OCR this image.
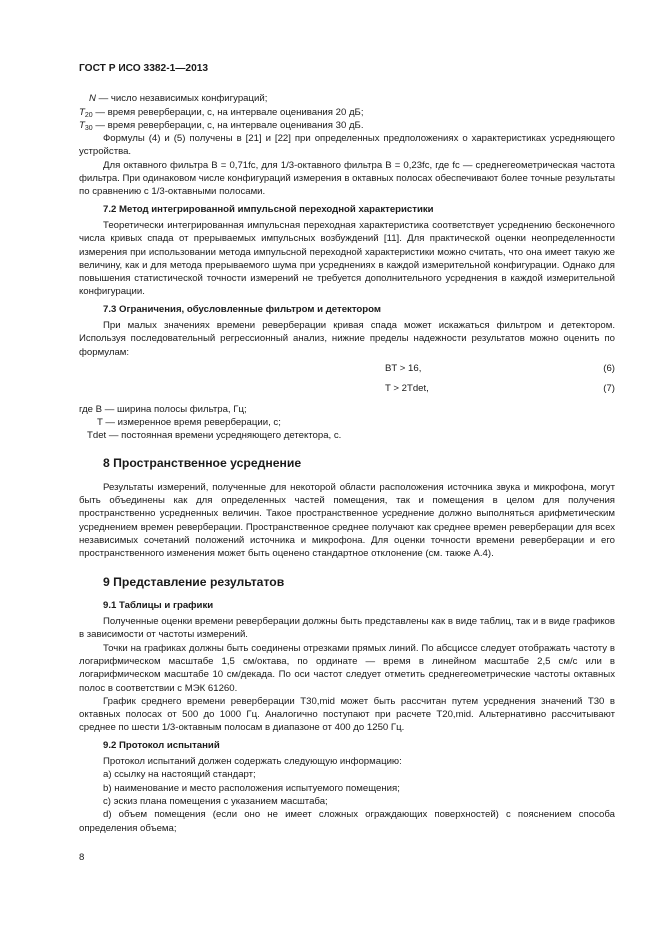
ГОСТ Р ИСО 3382-1—2013

N — число независимых конфигураций;

$T_{20}$ — время реверберации, с, на интервале оценивания 20 дБ;

$T_{30}$ — время реверберации, с, на интервале оценивания 30 дБ.

Формулы (4) и (5) получены в [21] и [22] при определенных предположениях о характеристиках усредняющего устройства.

Для октавного фильтра B = 0,71fc, для 1/3-октавного фильтра B = 0,23fc, где fc — среднегеометрическая частота фильтра. При одинаковом числе конфигураций измерения в октавных полосах обеспечивают более точные результаты по сравнению с 1/3-октавными полосами.

7.2 Метод интегрированной импульсной переходной характеристики

Теоретически интегрированная импульсная переходная характеристика соответствует усреднению бесконечного числа кривых спада от прерываемых импульсных возбуждений [11]. Для практической оценки неопределенности измерения при использовании метода импульсной переходной характеристики можно считать, что она имеет такую же величину, как и для метода прерываемого шума при усреднениях в каждой измерительной конфигурации. Однако для повышения статистической точности измерений не требуется дополнительного усреднения в каждой измерительной конфигурации.

7.3 Ограничения, обусловленные фильтром и детектором

При малых значениях времени реверберации кривая спада может искажаться фильтром и детектором. Используя последовательный регрессионный анализ, нижние пределы надежности результатов можно оценить по формулам:

BT > 16,	(6)
T > 2Tdet,	(7)

где B — ширина полосы фильтра, Гц;

T — измеренное время реверберации, с;

Tdet — постоянная времени усредняющего детектора, с.

8 Пространственное усреднение

Результаты измерений, полученные для некоторой области расположения источника звука и микрофона, могут быть объединены как для определенных частей помещения, так и помещения в целом для получения пространственно усредненных величин. Такое пространственное усреднение должно выполняться арифметическим усреднением времен реверберации. Пространственное среднее получают как среднее времен реверберации для всех независимых сочетаний положений источника и микрофона. Для оценки точности времени реверберации и его пространственного изменения может быть оценено стандартное отклонение (см. также А.4).

9 Представление результатов
9.1 Таблицы и графики

Полученные оценки времени реверберации должны быть представлены как в виде таблиц, так и в виде графиков в зависимости от частоты измерений.

Точки на графиках должны быть соединены отрезками прямых линий. По абсциссе следует отображать частоту в логарифмическом масштабе 1,5 см/октава, по ординате — время в линейном масштабе 2,5 см/с или в логарифмическом масштабе 10 см/декада. По оси частот следует отметить среднегеометрические частоты октавных полос в соответствии с МЭК 61260.

График среднего времени реверберации T30,mid может быть рассчитан путем усреднения значений T30 в октавных полосах от 500 до 1000 Гц. Аналогично поступают при расчете T20,mid. Альтернативно рассчитывают среднее по шести 1/3-октавным полосам в диапазоне от 400 до 1250 Гц.

9.2 Протокол испытаний

Протокол испытаний должен содержать следующую информацию:

a) ссылку на настоящий стандарт;

b) наименование и место расположения испытуемого помещения;

c) эскиз плана помещения с указанием масштаба;

d) объем помещения (если оно не имеет сложных ограждающих поверхностей) с пояснением способа определения объема;

8
